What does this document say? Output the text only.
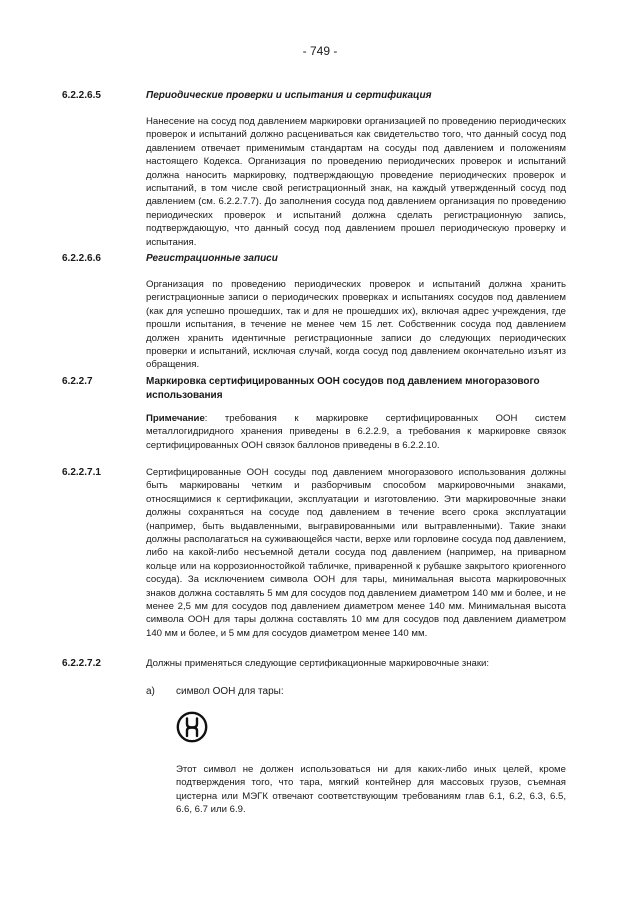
- 749 -
6.2.2.6.5	Периодические проверки и испытания и сертификация
Нанесение на сосуд под давлением маркировки организацией по проведению периодических проверок и испытаний должно расцениваться как свидетельство того, что данный сосуд под давлением отвечает применимым стандартам на сосуды под давлением и положениям настоящего Кодекса. Организация по проведению периодических проверок и испытаний должна наносить маркировку, подтверждающую проведение периодических проверок и испытаний, в том числе свой регистрационный знак, на каждый утвержденный сосуд под давлением (см. 6.2.2.7.7). До заполнения сосуда под давлением организация по проведению периодических проверок и испытаний должна сделать регистрационную запись, подтверждающую, что данный сосуд под давлением прошел периодическую проверку и испытания.
6.2.2.6.6	Регистрационные записи
Организация по проведению периодических проверок и испытаний должна хранить регистрационные записи о периодических проверках и испытаниях сосудов под давлением (как для успешно прошедших, так и для не прошедших их), включая адрес учреждения, где прошли испытания, в течение не менее чем 15 лет. Собственник сосуда под давлением должен хранить идентичные регистрационные записи до следующих периодических проверки и испытаний, исключая случай, когда сосуд под давлением окончательно изъят из обращения.
6.2.2.7	Маркировка сертифицированных ООН сосудов под давлением многоразового использования
Примечание: требования к маркировке сертифицированных ООН систем металлогидридного хранения приведены в 6.2.2.9, а требования к маркировке связок сертифицированных ООН связок баллонов приведены в 6.2.2.10.
6.2.2.7.1	Сертифицированные ООН сосуды под давлением многоразового использования должны быть маркированы четким и разборчивым способом маркировочными знаками, относящимися к сертификации, эксплуатации и изготовлению. Эти маркировочные знаки должны сохраняться на сосуде под давлением в течение всего срока эксплуатации (например, быть выдавленными, выгравированными или вытравленными). Такие знаки должны располагаться на суживающейся части, верхе или горловине сосуда под давлением, либо на какой-либо несъемной детали сосуда под давлением (например, на приварном кольце или на коррозионностойкой табличке, приваренной к рубашке закрытого криогенного сосуда). За исключением символа ООН для тары, минимальная высота маркировочных знаков должна составлять 5 мм для сосудов под давлением диаметром 140 мм и более, и не менее 2,5 мм для сосудов под давлением диаметром менее 140 мм. Минимальная высота символа ООН для тары должна составлять 10 мм для сосудов под давлением диаметром 140 мм и более, и 5 мм для сосудов диаметром менее 140 мм.
6.2.2.7.2	Должны применяться следующие сертификационные маркировочные знаки:
а) символ ООН для тары:
Этот символ не должен использоваться ни для каких-либо иных целей, кроме подтверждения того, что тара, мягкий контейнер для массовых грузов, съемная цистерна или МЭГК отвечают соответствующим требованиям глав 6.1, 6.2, 6.3, 6.5, 6.6, 6.7 или 6.9.
